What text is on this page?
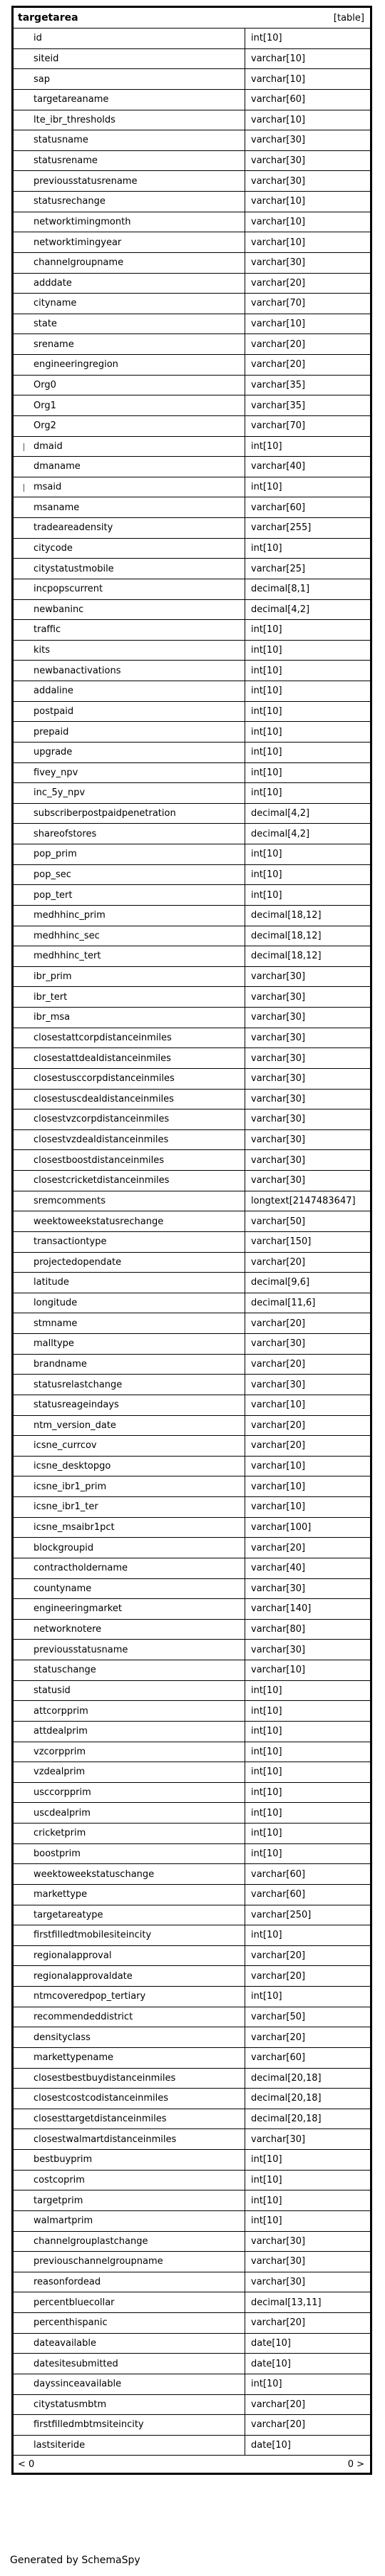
targetarea	[table]
id	int[10]
siteid	varchar[10]
sap	varchar[10]
targetareaname	varchar[60]
lte_ibr_thresholds	varchar[10]
statusname	varchar[30]
statusrename	varchar[30]
previousstatusrename	varchar[30]
statusrechange	varchar[10]
networktimingmonth	varchar[10]
networktimingyear	varchar[10]
channelgroupname	varchar[30]
adddate	varchar[20]
cityname	varchar[70]
state	varchar[10]
srename	varchar[20]
engineeringregion	varchar[20]
Org0	varchar[35]
Org1	varchar[35]
Org2	varchar[70]
dmaid	int[10]
dmaname	varchar[40]
msaid	int[10]
msaname	varchar[60]
tradeareadensity	varchar[255]
citycode	int[10]
citystatustmobile	varchar[25]
incpopscurrent	decimal[8,1]
newbaninc	decimal[4,2]
traffic	int[10]
kits	int[10]
newbanactivations	int[10]
addaline	int[10]
postpaid	int[10]
prepaid	int[10]
upgrade	int[10]
fivey_npv	int[10]
inc_5y_npv	int[10]
subscriberpostpaidpenetration	decimal[4,2]
shareofstores	decimal[4,2]
pop_prim	int[10]
pop_sec	int[10]
pop_tert	int[10]
medhhinc_prim	decimal[18,12]
medhhinc_sec	decimal[18,12]
medhhinc_tert	decimal[18,12]
ibr_prim	varchar[30]
ibr_tert	varchar[30]
ibr_msa	varchar[30]
closestattcorpdistanceinmiles	varchar[30]
closestattdealdistanceinmiles	varchar[30]
closestusccorpdistanceinmiles	varchar[30]
closestuscdealdistanceinmiles	varchar[30]
closestvzcorpdistanceinmiles	varchar[30]
closestvzdealdistanceinmiles	varchar[30]
closestboostdistanceinmiles	varchar[30]
closestcricketdistanceinmiles	varchar[30]
sremcomments	longtext[2147483647]
weektoweekstatusrechange	varchar[50]
transactiontype	varchar[150]
projectedopendate	varchar[20]
latitude	decimal[9,6]
longitude	decimal[11,6]
stmname	varchar[20]
malltype	varchar[30]
brandname	varchar[20]
statusrelastchange	varchar[30]
statusreageindays	varchar[10]
ntm_version_date	varchar[20]
icsne_currcov	varchar[20]
icsne_desktopgo	varchar[10]
icsne_ibr1_prim	varchar[10]
icsne_ibr1_ter	varchar[10]
icsne_msaibr1pct	varchar[100]
blockgroupid	varchar[20]
contractholdername	varchar[40]
countyname	varchar[30]
engineeringmarket	varchar[140]
networknotere	varchar[80]
previousstatusname	varchar[30]
statuschange	varchar[10]
statusid	int[10]
attcorpprim	int[10]
attdealprim	int[10]
vzcorpprim	int[10]
vzdealprim	int[10]
usccorpprim	int[10]
uscdealprim	int[10]
cricketprim	int[10]
boostprim	int[10]
weektoweekstatuschange	varchar[60]
markettype	varchar[60]
targetareatype	varchar[250]
firstfilledtmobilesiteincity	int[10]
regionalapproval	varchar[20]
regionalapprovaldate	varchar[20]
ntmcoveredpop_tertiary	int[10]
recommendeddistrict	varchar[50]
densityclass	varchar[20]
markettypename	varchar[60]
closestbestbuydistanceinmiles	decimal[20,18]
closestcostcodistanceinmiles	decimal[20,18]
closesttargetdistanceinmiles	decimal[20,18]
closestwalmartdistanceinmiles	varchar[30]
bestbuyprim	int[10]
costcoprim	int[10]
targetprim	int[10]
walmartprim	int[10]
channelgrouplastchange	varchar[30]
previouschannelgroupname	varchar[30]
reasonfordead	varchar[30]
percentbluecollar	decimal[13,11]
percenthispanic	varchar[20]
dateavailable	date[10]
datesitesubmitted	date[10]
dayssinceavailable	int[10]
citystatusmbtm	varchar[20]
firstfilledmbtmsiteincity	varchar[20]
lastsiteride	date[10]
< 0	0 >
Generated by SchemaSpy
